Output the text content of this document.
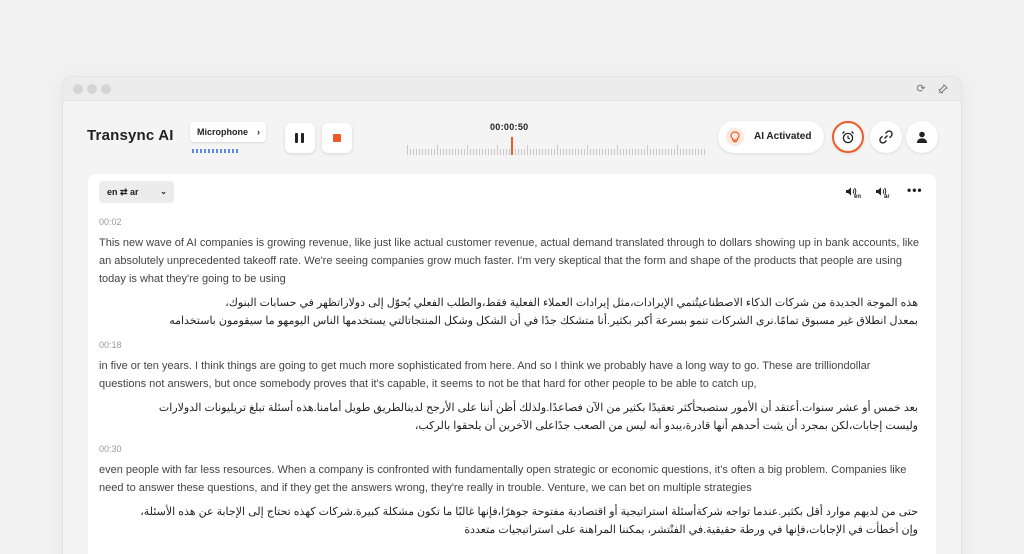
⟳
Transync AI	Microphone ›	00:00:50
AI Activated
en ⇄ ar	⌄
en	ar •••
00:02
This new wave of AI companies is growing revenue, like just like actual customer revenue, actual demand translated through to dollars showing up in bank accounts, like an absolutely unprecedented takeoff rate. We're seeing companies grow much faster. I'm very skeptical that the form and shape of the products that people are using today is what they're going to be using
هذه الموجة الجديدة من شركات الذكاء الاصطناعيتُنمي الإيرادات،مثل إيرادات العملاء الفعلية فقط،والطلب الفعلي يُحوّل إلى دولاراتظهر في حسابات البنوك،
بمعدل انطلاق غير مسبوق تمامًا.نرى الشركات تنمو بسرعة أكبر بكثير.أنا متشكك جدًا في أن الشكل وشكل المنتجاتالتي يستخدمها الناس اليومهو ما سيقومون باستخدامه
00:18
in five or ten years. I think things are going to get much more sophisticated from here. And so I think we probably have a long way to go. These are trilliondollar questions not answers, but once somebody proves that it's capable, it seems to not be that hard for other people to be able to catch up,
بعد خمس أو عشر سنوات.أعتقد أن الأمور ستصبحأكثر تعقيدًا بكثير من الآن فصاعدًا.ولذلك أظن أننا على الأرجح لدينالطريق طويل أمامنا.هذه أسئلة تبلغ تريليونات الدولارات
وليست إجابات،لكن بمجرد أن يثبت أحدهم أنها قادرة،يبدو أنه ليس من الصعب جدًاعلى الآخرين أن يلحقوا بالركب،
00:30
even people with far less resources. When a company is confronted with fundamentally open strategic or economic questions, it's often a big problem. Companies like need to answer these questions, and if they get the answers wrong, they're really in trouble. Venture, we can bet on multiple strategies
حتى من لديهم موارد أقل بكثير.عندما تواجه شركةأسئلة استراتيجية أو اقتصادية مفتوحة جوهرًا،فإنها غالبًا ما تكون مشكلة كبيرة.شركات كهذه تحتاج إلى الإجابة عن هذه الأسئلة،
وإن أخطأت في الإجابات،فإنها في ورطة حقيقية.في الفنْتشر، يمكننا المراهنة على استراتيجيات متعددة
